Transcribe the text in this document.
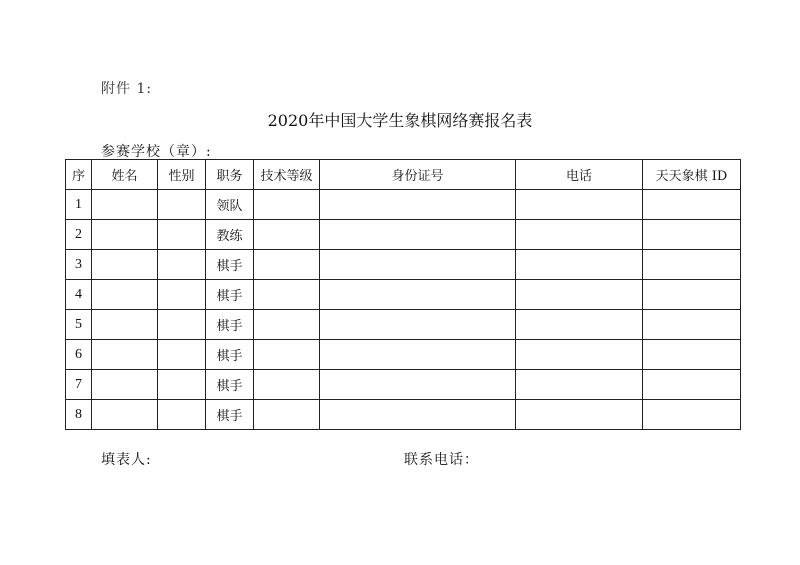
附件 1:
2020年中国大学生象棋网络赛报名表
参赛学校（章）:
序	姓名	性别	职务	技术等级	身份证号	电话	天天象棋 ID
1			领队				
2			教练				
3			棋手				
4			棋手				
5			棋手				
6			棋手				
7			棋手				
8			棋手				
填表人:	联系电话：
